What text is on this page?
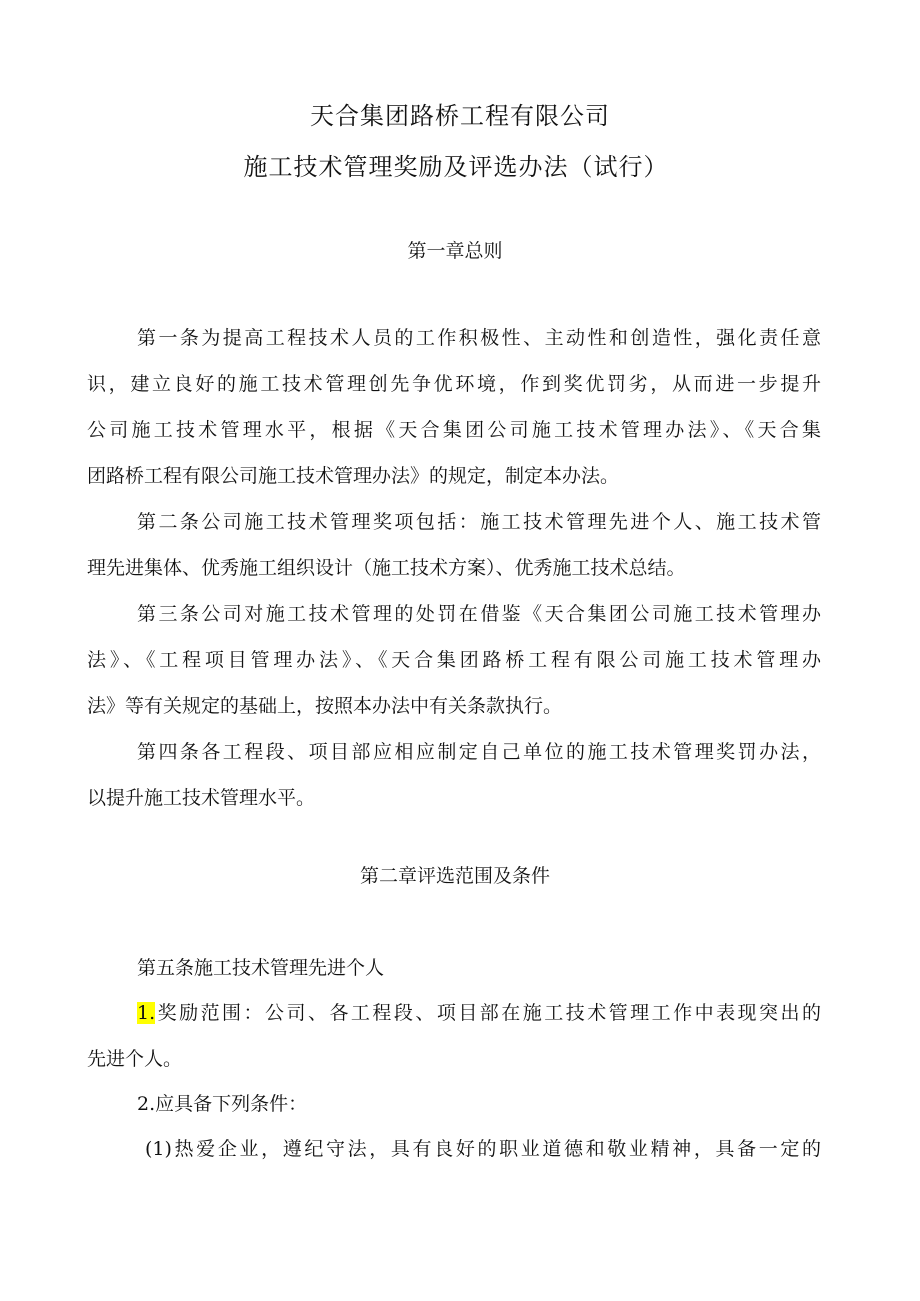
天合集团路桥工程有限公司
施工技术管理奖励及评选办法（试行）
第一章总则
第一条为提高工程技术人员的工作积极性、主动性和创造性，强化责任意
识，建立良好的施工技术管理创先争优环境，作到奖优罚劣，从而进一步提升
公司施工技术管理水平，根据《天合集团公司施工技术管理办法》、《天合集
团路桥工程有限公司施工技术管理办法》的规定，制定本办法。
第二条公司施工技术管理奖项包括：施工技术管理先进个人、施工技术管
理先进集体、优秀施工组织设计（施工技术方案）、优秀施工技术总结。
第三条公司对施工技术管理的处罚在借鉴《天合集团公司施工技术管理办
法》、《工程项目管理办法》、《天合集团路桥工程有限公司施工技术管理办
法》等有关规定的基础上，按照本办法中有关条款执行。
第四条各工程段、项目部应相应制定自己单位的施工技术管理奖罚办法，
以提升施工技术管理水平。
第二章评选范围及条件
第五条施工技术管理先进个人
1.奖励范围：公司、各工程段、项目部在施工技术管理工作中表现突出的
先进个人。
2.应具备下列条件：
(1)热爱企业，遵纪守法，具有良好的职业道德和敬业精神，具备一定的
